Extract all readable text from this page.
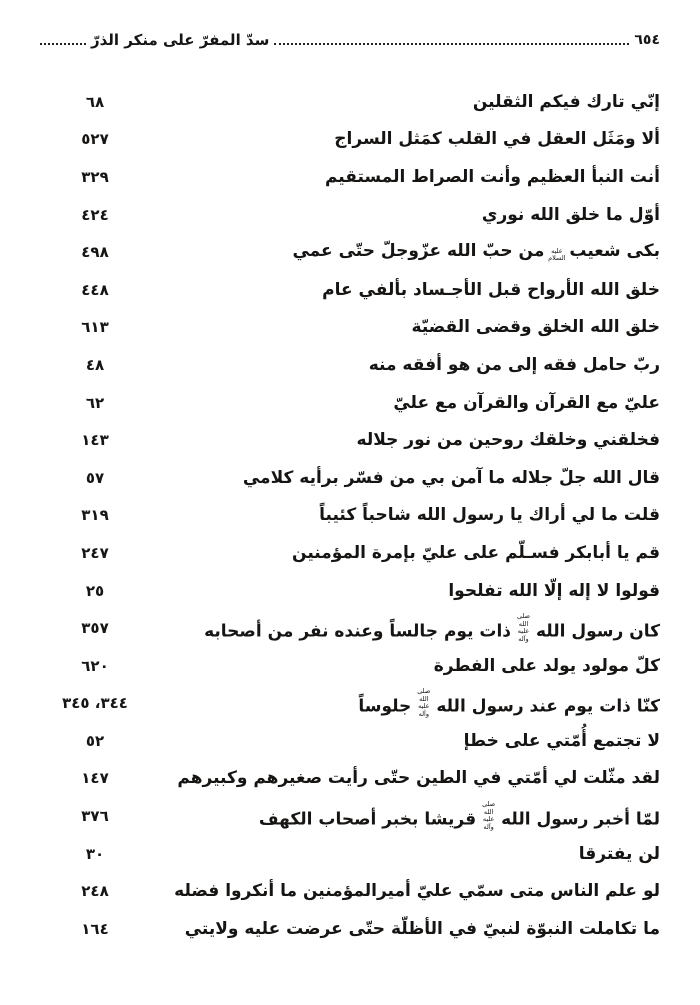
٦٥٤
سدّ المفرّ على منكر الذرّ
إنّي تارك فيكم الثقلين
٦٨
ألا ومَثَل العقل في القلب كمَثل السراج
٥٢٧
أنت النبأ العظيم وأنت الصراط المستقيم
٣٢٩
أوّل ما خلق الله نوري
٤٢٤
بكى شعيبعليه السلاممن حبّ الله عزّوجلّ حتّى عمي
٤٩٨
خلق الله الأرواح قبل الأجـساد بألفي عام
٤٤٨
خلق الله الخلق وقضى القضيّة
٦١٣
ربّ حامل فقه إلى من هو أفقه منه
٤٨
عليّ مع القرآن والقرآن مع عليّ
٦٢
فخلقني وخلقك روحين من نور جلاله
١٤٣
قال الله جلّ جلاله ما آمن بي من فسّر برأيه كلامي
٥٧
قلت ما لي أراك يا رسول الله شاحباً كئيباً
٣١٩
قم يا أبابكر فسـلّم على عليّ بإمرة المؤمنين
٢٤٧
قولوا لا إله إلّا الله تفلحوا
٢٥
كان رسول اللهصلى الله عليه وآلهذات يوم جالساً وعنده نفر من أصحابه
٣٥٧
كلّ مولود يولد على الفطرة
٦٢٠
كنّا ذات يوم عند رسول اللهصلى الله عليه وآلهجلوساً
٣٤٤، ٣٤٥
لا تجتمع أُمّتي على خطإ
٥٢
لقد مثّلت لي أمّتي في الطين حتّى رأيت صغيرهم وكبيرهم
١٤٧
لمّا أخبر رسول اللهصلى الله عليه وآلهقريشا بخبر أصحاب الكهف
٣٧٦
لن يفترقا
٣٠
لو علم الناس متى سمّي عليّ أميرالمؤمنين ما أنكروا فضله
٢٤٨
ما تكاملت النبوّة لنبيّ في الأظلّة حتّى عرضت عليه ولايتي
١٦٤
